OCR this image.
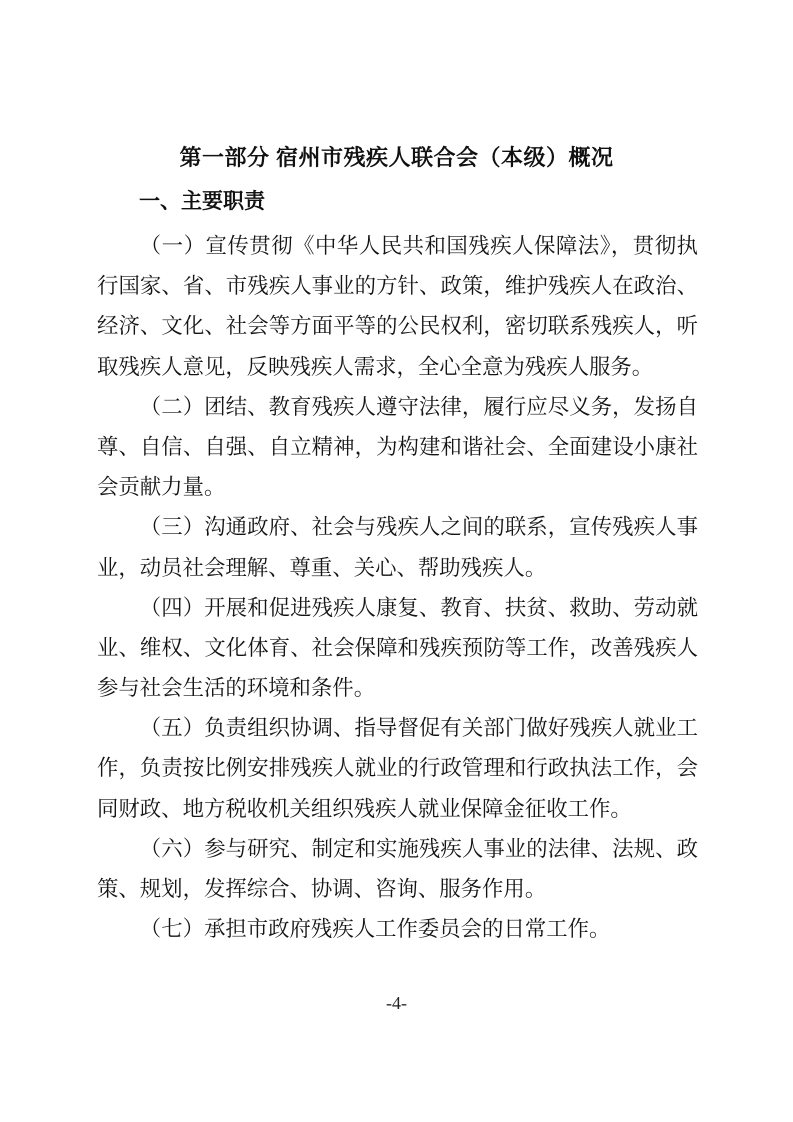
第一部分 宿州市残疾人联合会（本级）概况
一、主要职责
（一）宣传贯彻《中华人民共和国残疾人保障法》，贯彻执
行国家、省、市残疾人事业的方针、政策，维护残疾人在政治、
经济、文化、社会等方面平等的公民权利，密切联系残疾人，听
取残疾人意见，反映残疾人需求，全心全意为残疾人服务。
（二）团结、教育残疾人遵守法律，履行应尽义务，发扬自
尊、自信、自强、自立精神，为构建和谐社会、全面建设小康社
会贡献力量。
（三）沟通政府、社会与残疾人之间的联系，宣传残疾人事
业，动员社会理解、尊重、关心、帮助残疾人。
（四）开展和促进残疾人康复、教育、扶贫、救助、劳动就
业、维权、文化体育、社会保障和残疾预防等工作，改善残疾人
参与社会生活的环境和条件。
（五）负责组织协调、指导督促有关部门做好残疾人就业工
作，负责按比例安排残疾人就业的行政管理和行政执法工作，会
同财政、地方税收机关组织残疾人就业保障金征收工作。
（六）参与研究、制定和实施残疾人事业的法律、法规、政
策、规划，发挥综合、协调、咨询、服务作用。
（七）承担市政府残疾人工作委员会的日常工作。
-4-
